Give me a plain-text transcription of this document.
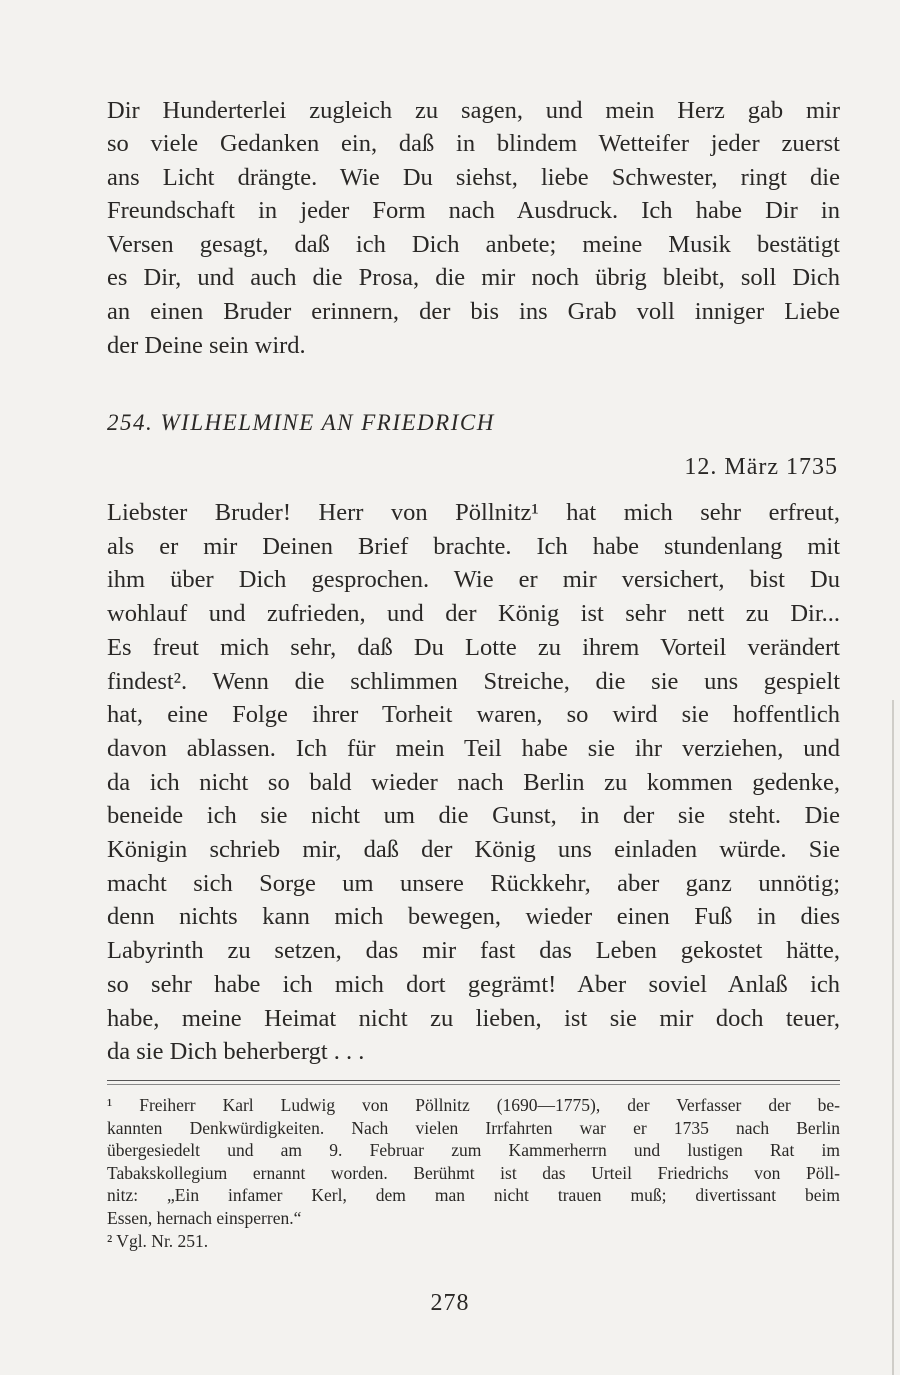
Dir Hunderterlei zugleich zu sagen, und mein Herz gab mir
so viele Gedanken ein, daß in blindem Wetteifer jeder zuerst
ans Licht drängte. Wie Du siehst, liebe Schwester, ringt die
Freundschaft in jeder Form nach Ausdruck. Ich habe Dir in
Versen gesagt, daß ich Dich anbete; meine Musik bestätigt
es Dir, und auch die Prosa, die mir noch übrig bleibt, soll Dich
an einen Bruder erinnern, der bis ins Grab voll inniger Liebe
der Deine sein wird.
254. WILHELMINE AN FRIEDRICH
12. März 1735
Liebster Bruder! Herr von Pöllnitz¹ hat mich sehr erfreut,
als er mir Deinen Brief brachte. Ich habe stundenlang mit
ihm über Dich gesprochen. Wie er mir versichert, bist Du
wohlauf und zufrieden, und der König ist sehr nett zu Dir...
Es freut mich sehr, daß Du Lotte zu ihrem Vorteil verändert
findest². Wenn die schlimmen Streiche, die sie uns gespielt
hat, eine Folge ihrer Torheit waren, so wird sie hoffentlich
davon ablassen. Ich für mein Teil habe sie ihr verziehen, und
da ich nicht so bald wieder nach Berlin zu kommen gedenke,
beneide ich sie nicht um die Gunst, in der sie steht. Die
Königin schrieb mir, daß der König uns einladen würde. Sie
macht sich Sorge um unsere Rückkehr, aber ganz unnötig;
denn nichts kann mich bewegen, wieder einen Fuß in dies
Labyrinth zu setzen, das mir fast das Leben gekostet hätte,
so sehr habe ich mich dort gegrämt! Aber soviel Anlaß ich
habe, meine Heimat nicht zu lieben, ist sie mir doch teuer,
da sie Dich beherbergt . . .
¹ Freiherr Karl Ludwig von Pöllnitz (1690—1775), der Verfasser der be-
kannten Denkwürdigkeiten. Nach vielen Irrfahrten war er 1735 nach Berlin
übergesiedelt und am 9. Februar zum Kammerherrn und lustigen Rat im
Tabakskollegium ernannt worden. Berühmt ist das Urteil Friedrichs von Pöll-
nitz: „Ein infamer Kerl, dem man nicht trauen muß; divertissant beim
Essen, hernach einsperren.“
² Vgl. Nr. 251.
278
